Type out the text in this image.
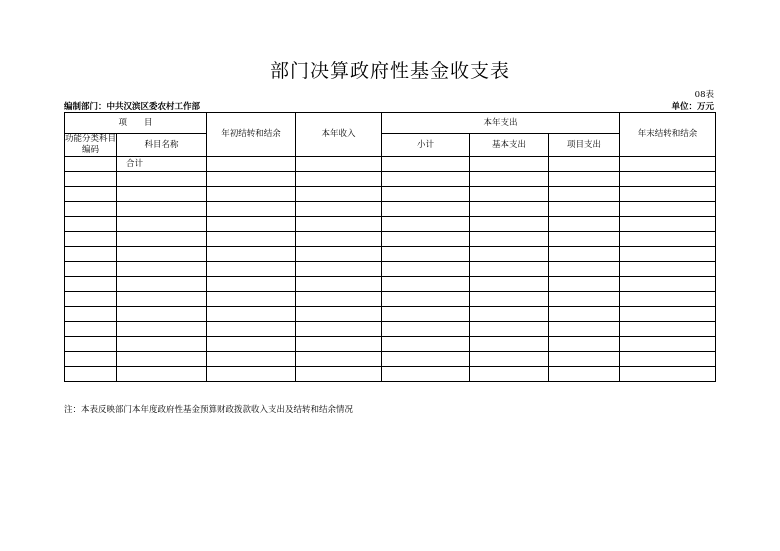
部门决算政府性基金收支表
08表
编制部门：中共汉滨区委农村工作部	单位：万元
项　　目		年初结转和结余	本年收入	本年支出			年末结转和结余
功能分类科目编码	科目名称			小计	基本支出	项目支出	

	合计						

注：本表反映部门本年度政府性基金预算财政拨款收入支出及结转和结余情况
